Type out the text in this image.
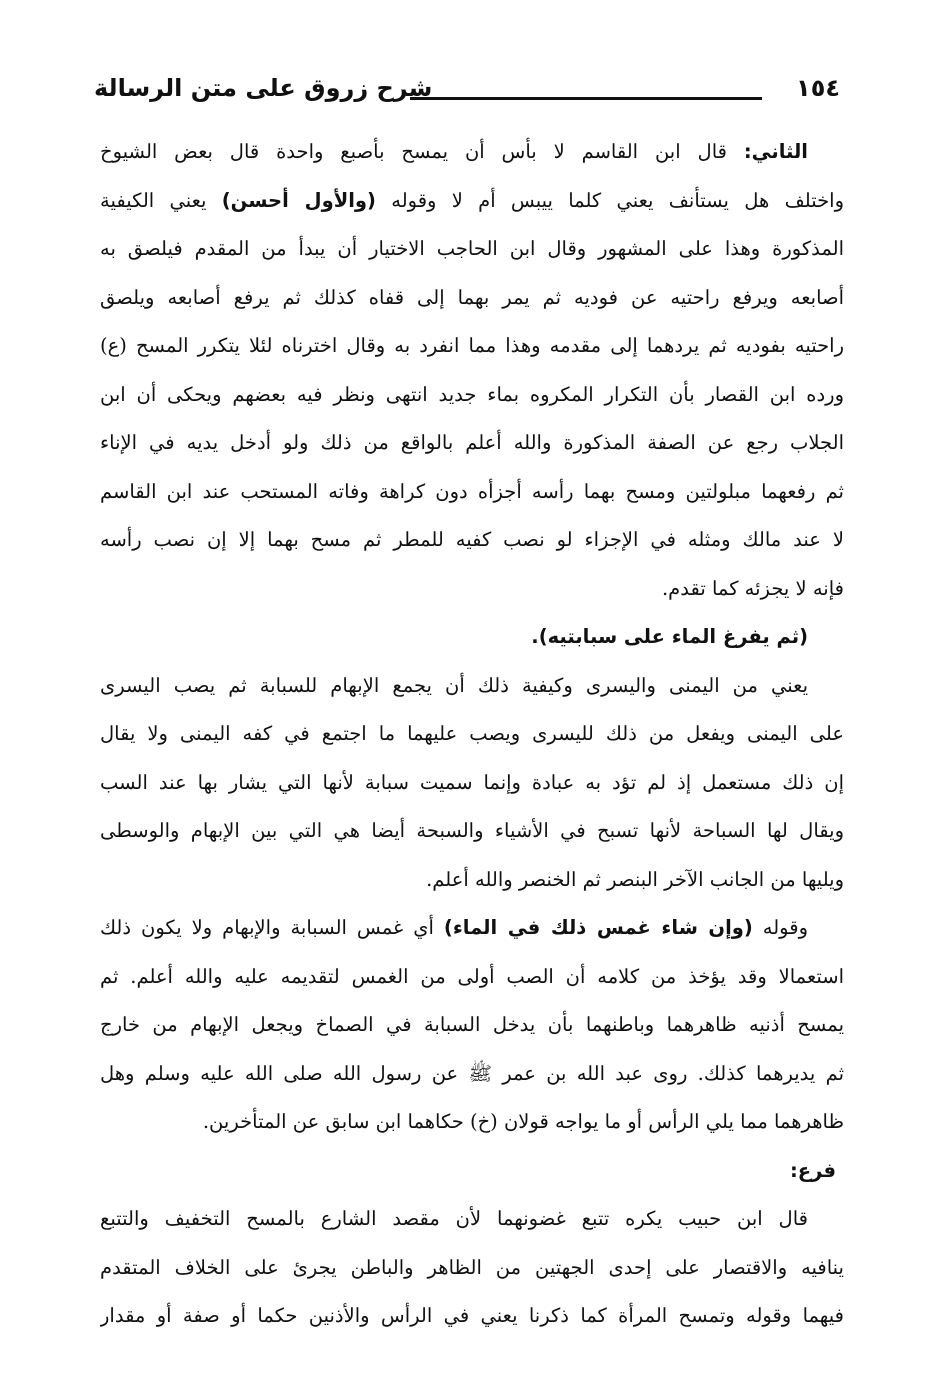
١٥٤
شرح زروق على متن الرسالة
الثاني: قال ابن القاسم لا بأس أن يمسح بأصبع واحدة قال بعض الشيوخ
واختلف هل يستأنف يعني كلما ييبس أم لا وقوله (والأول أحسن) يعني الكيفية
المذكورة وهذا على المشهور وقال ابن الحاجب الاختيار أن يبدأ من المقدم فيلصق به
أصابعه ويرفع راحتيه عن فوديه ثم يمر بهما إلى قفاه كذلك ثم يرفع أصابعه ويلصق
راحتيه بفوديه ثم يردهما إلى مقدمه وهذا مما انفرد به وقال اخترناه لئلا يتكرر المسح (ع)
ورده ابن القصار بأن التكرار المكروه بماء جديد انتهى ونظر فيه بعضهم ويحكى أن ابن
الجلاب رجع عن الصفة المذكورة والله أعلم بالواقع من ذلك ولو أدخل يديه في الإناء
ثم رفعهما مبلولتين ومسح بهما رأسه أجزأه دون كراهة وفاته المستحب عند ابن القاسم
لا عند مالك ومثله في الإجزاء لو نصب كفيه للمطر ثم مسح بهما إلا إن نصب رأسه
فإنه لا يجزئه كما تقدم.
(ثم يفرغ الماء على سبابتيه).
يعني من اليمنى واليسرى وكيفية ذلك أن يجمع الإبهام للسبابة ثم يصب اليسرى
على اليمنى ويفعل من ذلك لليسرى ويصب عليهما ما اجتمع في كفه اليمنى ولا يقال
إن ذلك مستعمل إذ لم تؤد به عبادة وإنما سميت سبابة لأنها التي يشار بها عند السب
ويقال لها السباحة لأنها تسبح في الأشياء والسبحة أيضا هي التي بين الإبهام والوسطى
ويليها من الجانب الآخر البنصر ثم الخنصر والله أعلم.
وقوله (وإن شاء غمس ذلك في الماء) أي غمس السبابة والإبهام ولا يكون ذلك
استعمالا وقد يؤخذ من كلامه أن الصب أولى من الغمس لتقديمه عليه والله أعلم. ثم
يمسح أذنيه ظاهرهما وباطنهما بأن يدخل السبابة في الصماخ ويجعل الإبهام من خارج
ثم يديرهما كذلك. روى عبد الله بن عمر ﷺ عن رسول الله صلى الله عليه وسلم وهل
ظاهرهما مما يلي الرأس أو ما يواجه قولان (خ) حكاهما ابن سابق عن المتأخرين.
فرع:
قال ابن حبيب يكره تتبع غضونهما لأن مقصد الشارع بالمسح التخفيف والتتبع
ينافيه والاقتصار على إحدى الجهتين من الظاهر والباطن يجرئ على الخلاف المتقدم
فيهما وقوله وتمسح المرأة كما ذكرنا يعني في الرأس والأذنين حكما أو صفة أو مقدار
